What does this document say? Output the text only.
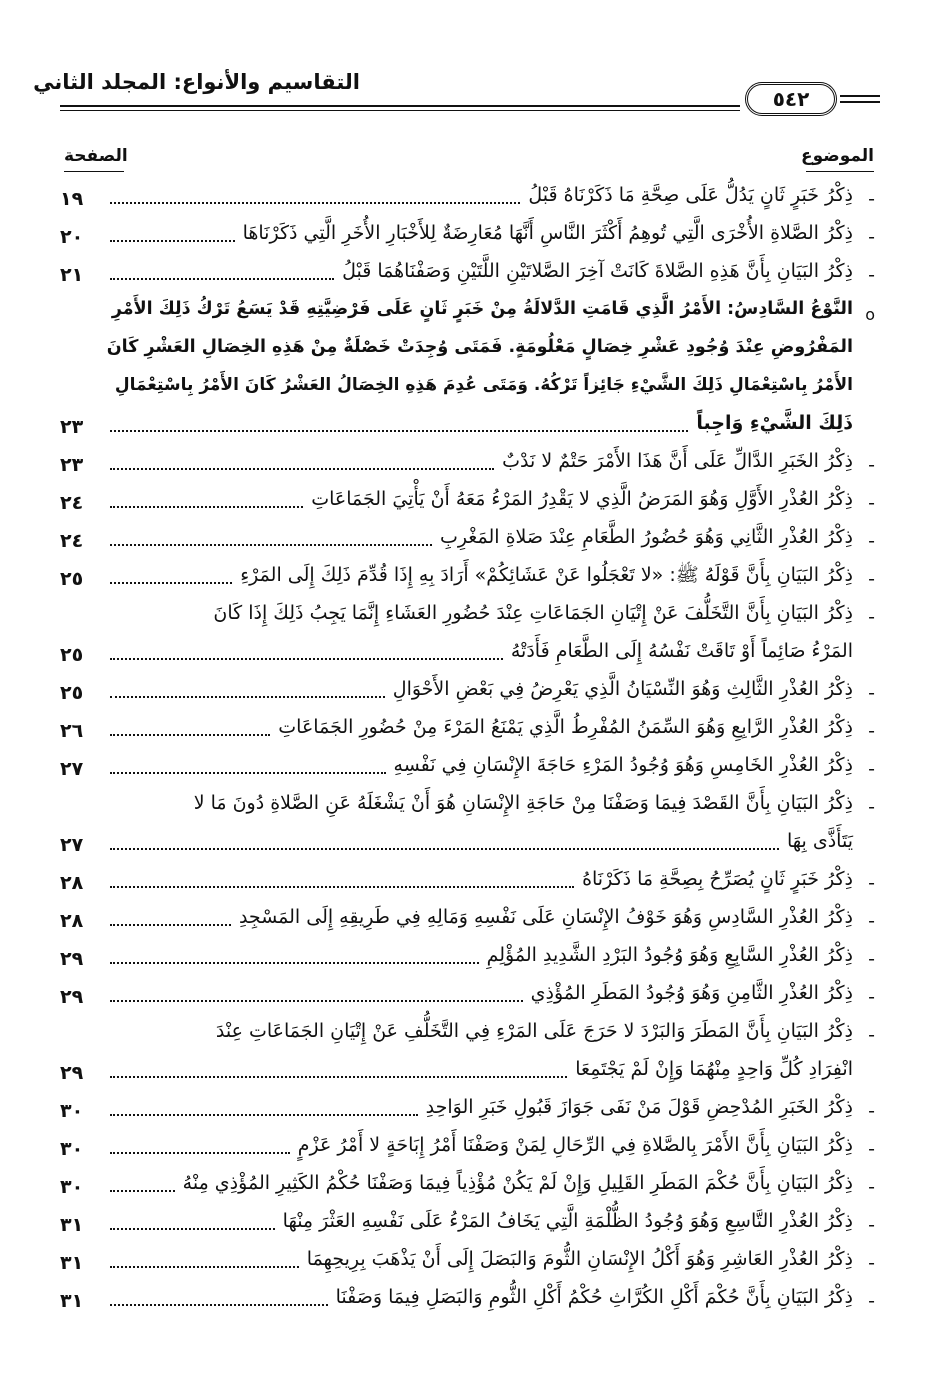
التقاسيم والأنواع: المجلد الثاني
٥٤٢
الموضوع
الصفحة
-
ذِكْرُ خَبَرٍ ثَانٍ يَدُلُّ عَلَى صِحَّةِ مَا ذَكَرْنَاهُ قَبْلُ
١٩
-
ذِكْرُ الصَّلاةِ الأُخْرَى الَّتِي تُوهِمُ أَكْثَرَ النَّاسِ أَنَّهَا مُعَارِضَةٌ لِلأَخْبَارِ الأُخَرِ الَّتِي ذَكَرْنَاهَا
٢٠
-
ذِكْرُ البَيَانِ بِأَنَّ هَذِهِ الصَّلاةَ كَانَتْ آخِرَ الصَّلاتَيْنِ اللَّتَيْنِ وَصَفْنَاهُمَا قَبْلُ
٢١
o
النَّوْعُ السَّادِسُ: الأَمْرُ الَّذِي قَامَتِ الدَّلالَةُ مِنْ خَبَرٍ ثَانٍ عَلَى فَرْضِيَّتِهِ قَدْ يَسَعُ تَرْكُ ذَلِكَ الأَمْرِ
المَفْرُوضِ عِنْدَ وُجُودِ عَشْرِ خِصَالٍ مَعْلُومَةٍ. فَمَتَى وُجِدَتْ خَصْلَةٌ مِنْ هَذِهِ الخِصَالِ العَشْرِ كَانَ
الأَمْرُ بِاسْتِعْمَالِ ذَلِكَ الشَّيْءِ جَائِزاً تَرْكُهُ. وَمَتَى عُدِمَ هَذِهِ الخِصَالُ العَشْرُ كَانَ الأَمْرُ بِاسْتِعْمَالِ
ذَلِكَ الشَّيْءِ وَاجِباً
٢٣
-
ذِكْرُ الخَبَرِ الدَّالِّ عَلَى أَنَّ هَذَا الأَمْرَ حَتْمٌ لا نَدْبٌ
٢٣
-
ذِكْرُ العُذْرِ الأَوَّلِ وَهُوَ المَرَضُ الَّذِي لا يَقْدِرُ المَرْءُ مَعَهُ أَنْ يَأْتِيَ الجَمَاعَاتِ
٢٤
-
ذِكْرُ العُذْرِ الثَّانِي وَهُوَ حُضُورُ الطَّعَامِ عِنْدَ صَلاةِ المَغْرِبِ
٢٤
-
ذِكْرُ البَيَانِ بِأَنَّ قَوْلَهُ ﷺ: «لا تَعْجَلُوا عَنْ عَشَائِكُمْ» أَرَادَ بِهِ إِذَا قُدِّمَ ذَلِكَ إِلَى المَرْءِ
٢٥
-
ذِكْرُ البَيَانِ بِأَنَّ التَّخَلُّفَ عَنْ إِتْيَانِ الجَمَاعَاتِ عِنْدَ حُضُورِ العَشَاءِ إِنَّمَا يَجِبُ ذَلِكَ إِذَا كَانَ
المَرْءُ صَائِماً أَوْ تَاقَتْ نَفْسُهُ إِلَى الطَّعَامِ فَأَدَتْهُ
٢٥
-
ذِكْرُ العُذْرِ الثَّالِثِ وَهُوَ النِّسْيَانُ الَّذِي يَعْرِضُ فِي بَعْضِ الأَحْوَالِ
٢٥
-
ذِكْرُ العُذْرِ الرَّابِعِ وَهُوَ السِّمَنُ المُفْرِطُ الَّذِي يَمْنَعُ المَرْءَ مِنْ حُضُورِ الجَمَاعَاتِ
٢٦
-
ذِكْرُ العُذْرِ الخَامِسِ وَهُوَ وُجُودُ المَرْءِ حَاجَةَ الإِنْسَانِ فِي نَفْسِهِ
٢٧
-
ذِكْرُ البَيَانِ بِأَنَّ القَصْدَ فِيمَا وَصَفْنَا مِنْ حَاجَةِ الإِنْسَانِ هُوَ أَنْ يَشْغَلَهُ عَنِ الصَّلاةِ دُونَ مَا لا
يَتَأَذَّى بِهَا
٢٧
-
ذِكْرُ خَبَرٍ ثَانٍ يُصَرِّحُ بِصِحَّةِ مَا ذَكَرْنَاهُ
٢٨
-
ذِكْرُ العُذْرِ السَّادِسِ وَهُوَ خَوْفُ الإِنْسَانِ عَلَى نَفْسِهِ وَمَالِهِ فِي طَرِيقِهِ إِلَى المَسْجِدِ
٢٨
-
ذِكْرُ العُذْرِ السَّابِعِ وَهُوَ وُجُودُ البَرْدِ الشَّدِيدِ المُؤْلِمِ
٢٩
-
ذِكْرُ العُذْرِ الثَّامِنِ وَهُوَ وُجُودُ المَطَرِ المُؤْذِي
٢٩
-
ذِكْرُ البَيَانِ بِأَنَّ المَطَرَ وَالبَرْدَ لا حَرَجَ عَلَى المَرْءِ فِي التَّخَلُّفِ عَنْ إِتْيَانِ الجَمَاعَاتِ عِنْدَ
انْفِرَادِ كُلِّ وَاحِدٍ مِنْهُمَا وَإِنْ لَمْ يَجْتَمِعَا
٢٩
-
ذِكْرُ الخَبَرِ المُدْحِضِ قَوْلَ مَنْ نَفَى جَوَازَ قَبُولِ خَبَرِ الوَاحِدِ
٣٠
-
ذِكْرُ البَيَانِ بِأَنَّ الأَمْرَ بِالصَّلاةِ فِي الرِّحَالِ لِمَنْ وَصَفْنَا أَمْرُ إِبَاحَةٍ لا أَمْرُ عَزْمٍ
٣٠
-
ذِكْرُ البَيَانِ بِأَنَّ حُكْمَ المَطَرِ القَلِيلِ وَإِنْ لَمْ يَكُنْ مُؤْذِياً فِيمَا وَصَفْنَا حُكْمُ الكَثِيرِ المُؤْذِي مِنْهُ
٣٠
-
ذِكْرُ العُذْرِ التَّاسِعِ وَهُوَ وُجُودُ الظُّلْمَةِ الَّتِي يَخَافُ المَرْءُ عَلَى نَفْسِهِ العَثْرَ مِنْهَا
٣١
-
ذِكْرُ العُذْرِ العَاشِرِ وَهُوَ أَكْلُ الإِنْسَانِ الثُّومَ وَالبَصَلَ إِلَى أَنْ يَذْهَبَ بِرِيحِهِمَا
٣١
-
ذِكْرُ البَيَانِ بِأَنَّ حُكْمَ أَكْلِ الكُرَّاثِ حُكْمُ أَكْلِ الثُّومِ وَالبَصَلِ فِيمَا وَصَفْنَا
٣١
